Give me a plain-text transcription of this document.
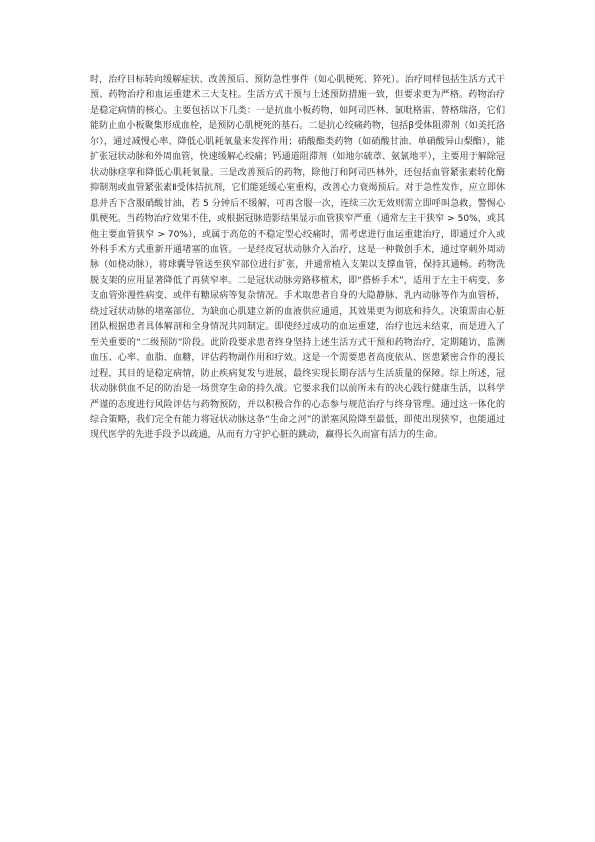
时，治疗目标转向缓解症状、改善预后、预防急性事件（如心肌梗死、猝死）。治疗同样包括生活方式干预、药物治疗和血运重建术三大支柱。生活方式干预与上述预防措施一致，但要求更为严格。药物治疗是稳定病情的核心。主要包括以下几类：一是抗血小板药物，如阿司匹林、氯吡格雷、替格瑞洛，它们能防止血小板聚集形成血栓，是预防心肌梗死的基石。二是抗心绞痛药物，包括β受体阻滞剂（如美托洛尔），通过减慢心率、降低心肌耗氧量来发挥作用；硝酸酯类药物（如硝酸甘油、单硝酸异山梨酯），能扩张冠状动脉和外周血管，快速缓解心绞痛；钙通道阻滞剂（如地尔硫䓬、氨氯地平），主要用于解除冠状动脉痉挛和降低心肌耗氧量。三是改善预后的药物，除他汀和阿司匹林外，还包括血管紧张素转化酶抑制剂或血管紧张素Ⅱ受体拮抗剂，它们能延缓心室重构，改善心力衰竭预后。对于急性发作，应立即休息并舌下含服硝酸甘油，若 5 分钟后不缓解，可再含服一次，连续三次无效则需立即呼叫急救，警惕心肌梗死。当药物治疗效果不佳，或根据冠脉造影结果显示血管狭窄严重（通常左主干狭窄 > 50%，或其他主要血管狭窄 > 70%），或属于高危的不稳定型心绞痛时，需考虑进行血运重建治疗，即通过介入或外科手术方式重新开通堵塞的血管。一是经皮冠状动脉介入治疗，这是一种微创手术，通过穿刺外周动脉（如桡动脉），将球囊导管送至狭窄部位进行扩张，并通常植入支架以支撑血管，保持其通畅。药物洗脱支架的应用显著降低了再狭窄率。二是冠状动脉旁路移植术，即“搭桥手术”，适用于左主干病变、多支血管弥漫性病变、或伴有糖尿病等复杂情况。手术取患者自身的大隐静脉、乳内动脉等作为血管桥，绕过冠状动脉的堵塞部位，为缺血心肌建立新的血液供应通道，其效果更为彻底和持久。决策需由心脏团队根据患者具体解剖和全身情况共同制定。即使经过成功的血运重建，治疗也远未结束，而是进入了至关重要的“二级预防”阶段。此阶段要求患者终身坚持上述生活方式干预和药物治疗，定期随访，监测血压、心率、血脂、血糖，评估药物副作用和疗效。这是一个需要患者高度依从、医患紧密合作的漫长过程，其目的是稳定病情，防止疾病复发与进展，最终实现长期存活与生活质量的保障。综上所述，冠状动脉供血不足的防治是一场贯穿生命的持久战。它要求我们以前所未有的决心践行健康生活，以科学严谨的态度进行风险评估与药物预防，并以积极合作的心态参与规范治疗与终身管理。通过这一体化的综合策略，我们完全有能力将冠状动脉这条“生命之河”的淤塞风险降至最低，即使出现狭窄，也能通过现代医学的先进手段予以疏通，从而有力守护心脏的跳动，赢得长久而富有活力的生命。
